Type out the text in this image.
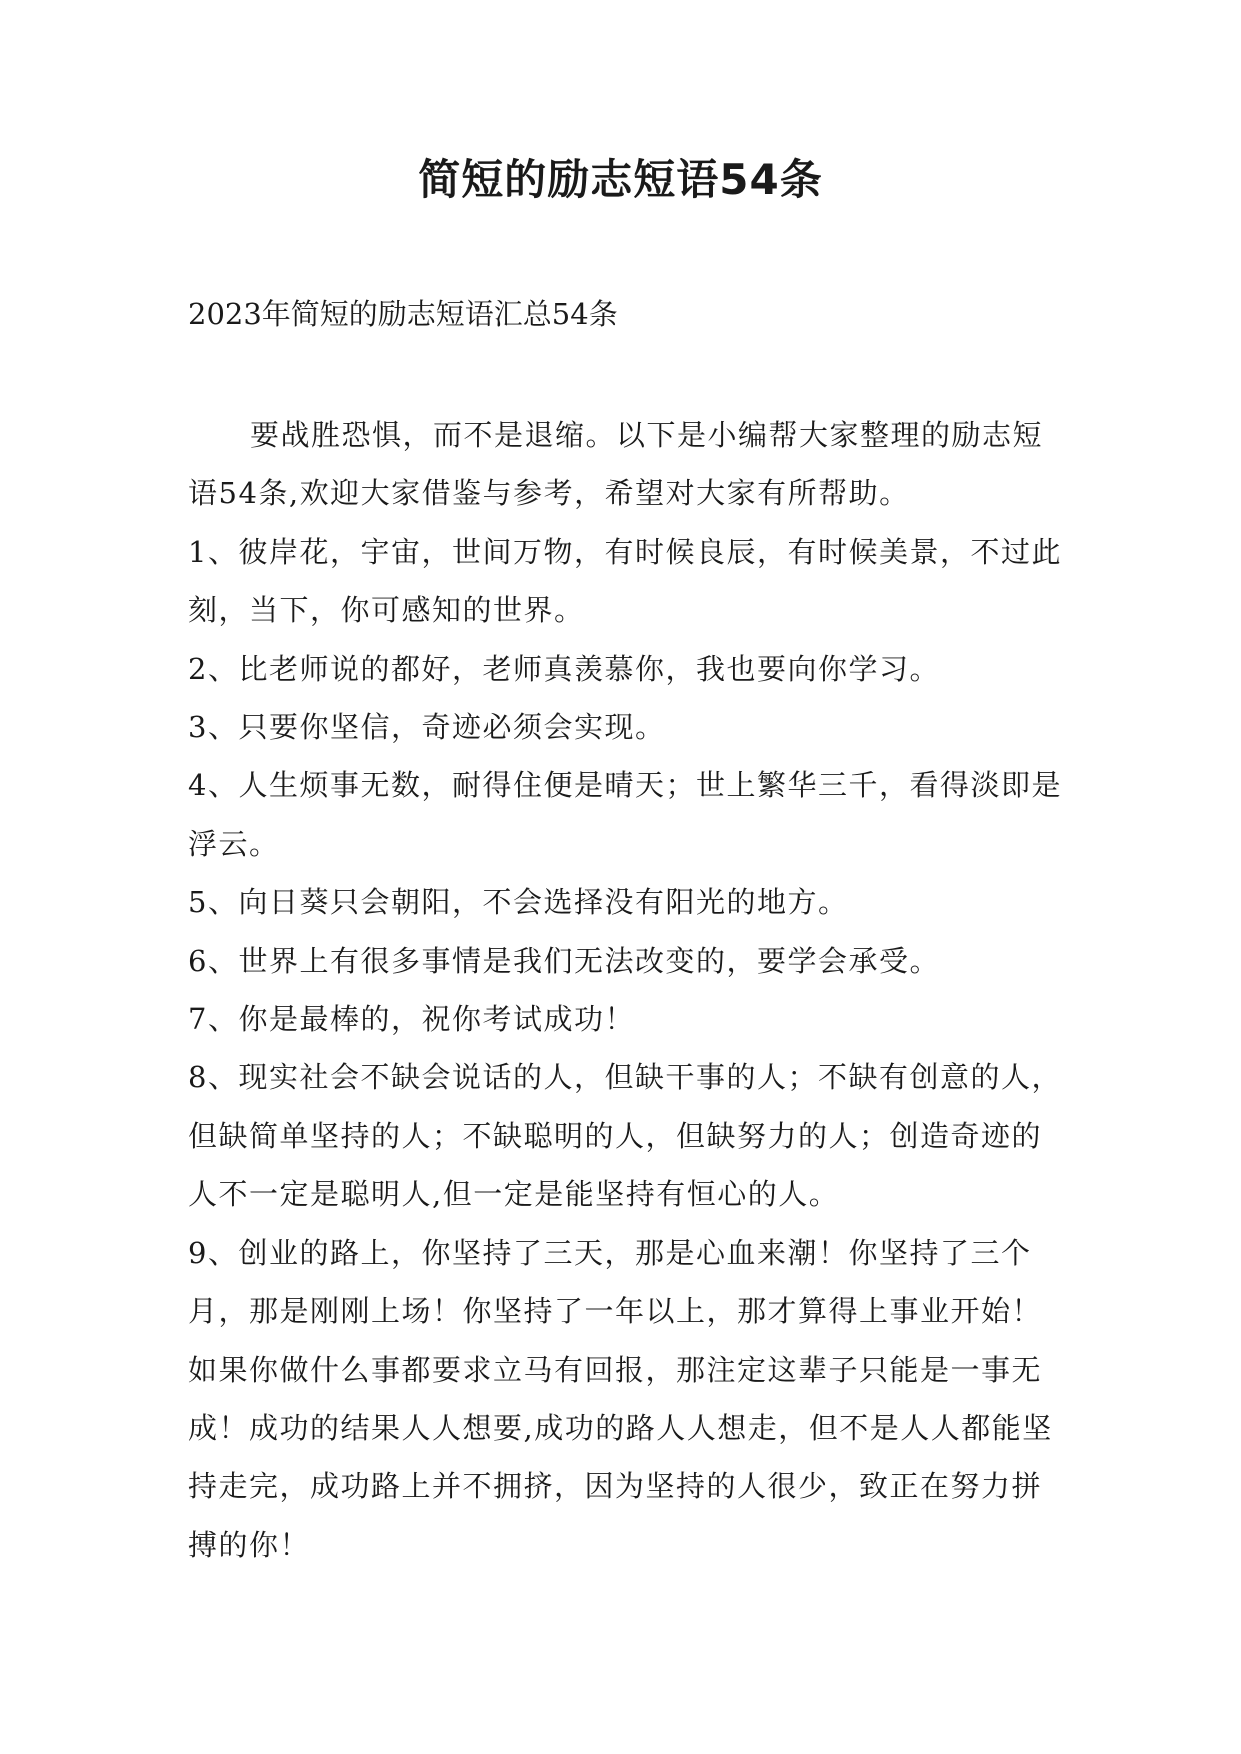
简短的励志短语54条
2023年简短的励志短语汇总54条

要战胜恐惧，而不是退缩。以下是小编帮大家整理的励志短语54条,欢迎大家借鉴与参考，希望对大家有所帮助。

1、彼岸花，宇宙，世间万物，有时候良辰，有时候美景，不过此刻，当下，你可感知的世界。

2、比老师说的都好，老师真羡慕你，我也要向你学习。

3、只要你坚信，奇迹必须会实现。

4、人生烦事无数，耐得住便是晴天；世上繁华三千，看得淡即是浮云。

5、向日葵只会朝阳，不会选择没有阳光的地方。

6、世界上有很多事情是我们无法改变的，要学会承受。

7、你是最棒的，祝你考试成功！

8、现实社会不缺会说话的人，但缺干事的人；不缺有创意的人，但缺简单坚持的人；不缺聪明的人，但缺努力的人；创造奇迹的人不一定是聪明人,但一定是能坚持有恒心的人。

9、创业的路上，你坚持了三天，那是心血来潮！你坚持了三个月，那是刚刚上场！你坚持了一年以上，那才算得上事业开始！如果你做什么事都要求立马有回报，那注定这辈子只能是一事无成！成功的结果人人想要,成功的路人人想走，但不是人人都能坚持走完，成功路上并不拥挤，因为坚持的人很少，致正在努力拼搏的你！
